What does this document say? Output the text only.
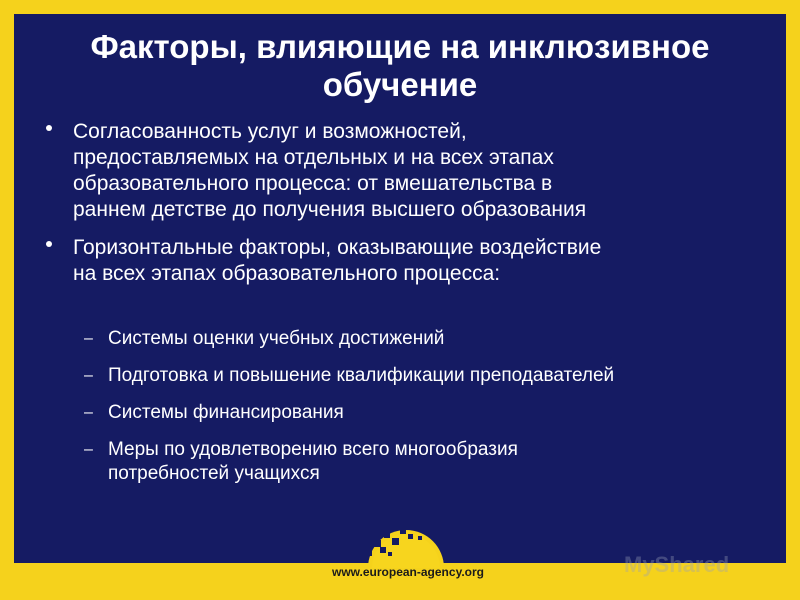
Факторы, влияющие на инклюзивное
обучение
Согласованность услуг и возможностей,
предоставляемых на отдельных и на всех этапах
образовательного процесса: от вмешательства в
раннем детстве до получения высшего образования
Горизонтальные факторы, оказывающие воздействие
на всех этапах образовательного процесса:
– Системы оценки учебных достижений
– Подготовка и повышение квалификации преподавателей
– Системы финансирования
– Меры по удовлетворению всего многообразия
потребностей учащихся
MyShared
www.european-agency.org
